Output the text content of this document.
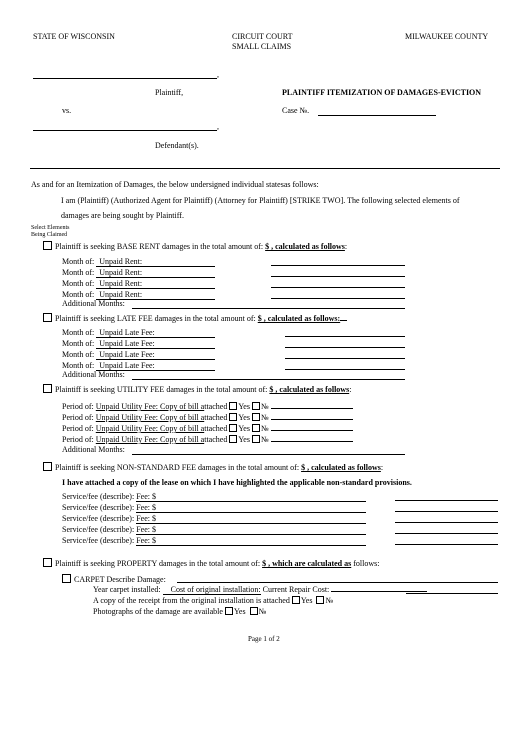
STATE OF WISCONSIN	CIRCUIT COURT
SMALL CLAIMS
MILWAUKEE COUNTY
,
Plaintiff,
vs.
,
Defendant(s).
PLAINTIFF ITEMIZATION OF DAMAGES-EVICTION
Case №.
As and for an Itemization of Damages, the below undersigned individual statesas follows:
I am (Plaintiff) (Authorized Agent for Plaintiff) (Attorney for Plaintiff) [STRIKE TWO]. The following selected elements of
damages are being sought by Plaintiff.
Select Elements
Being Claimed
Plaintiff is seeking BASE RENT damages in the total amount of: $ , calculated as follows:
Month of: Unpaid Rent:
Month of: Unpaid Rent:
Month of: Unpaid Rent:
Month of: Unpaid Rent:
Additional Months:
Plaintiff is seeking LATE FEE damages in the total amount of: $ , calculated as follows:
Month of: Unpaid Late Fee:
Month of: Unpaid Late Fee:
Month of: Unpaid Late Fee:
Month of: Unpaid Late Fee:
Additional Months:
Plaintiff is seeking UTILITY FEE damages in the total amount of: $ , calculated as follows:
Period of: Unpaid Utility Fee: Copy of bill attached Yes №
Period of: Unpaid Utility Fee: Copy of bill attached Yes №
Period of: Unpaid Utility Fee: Copy of bill attached Yes №
Period of: Unpaid Utility Fee: Copy of bill attached Yes №
Additional Months:
Plaintiff is seeking NON-STANDARD FEE damages in the total amount of: $ , calculated as follows:
I have attached a copy of the lease on which I have highlighted the applicable non-standard provisions.
Service/fee (describe): Fee: $
Service/fee (describe): Fee: $
Service/fee (describe): Fee: $
Service/fee (describe): Fee: $
Service/fee (describe): Fee: $
Plaintiff is seeking PROPERTY damages in the total amount of: $ , which are calculated as follows:
CARPET Describe Damage:
Year carpet installed: Cost of original installation: Current Repair Cost:
A copy of the receipt from the original installation is attached Yes №
Photographs of the damage are available Yes №
Page 1 of 2
